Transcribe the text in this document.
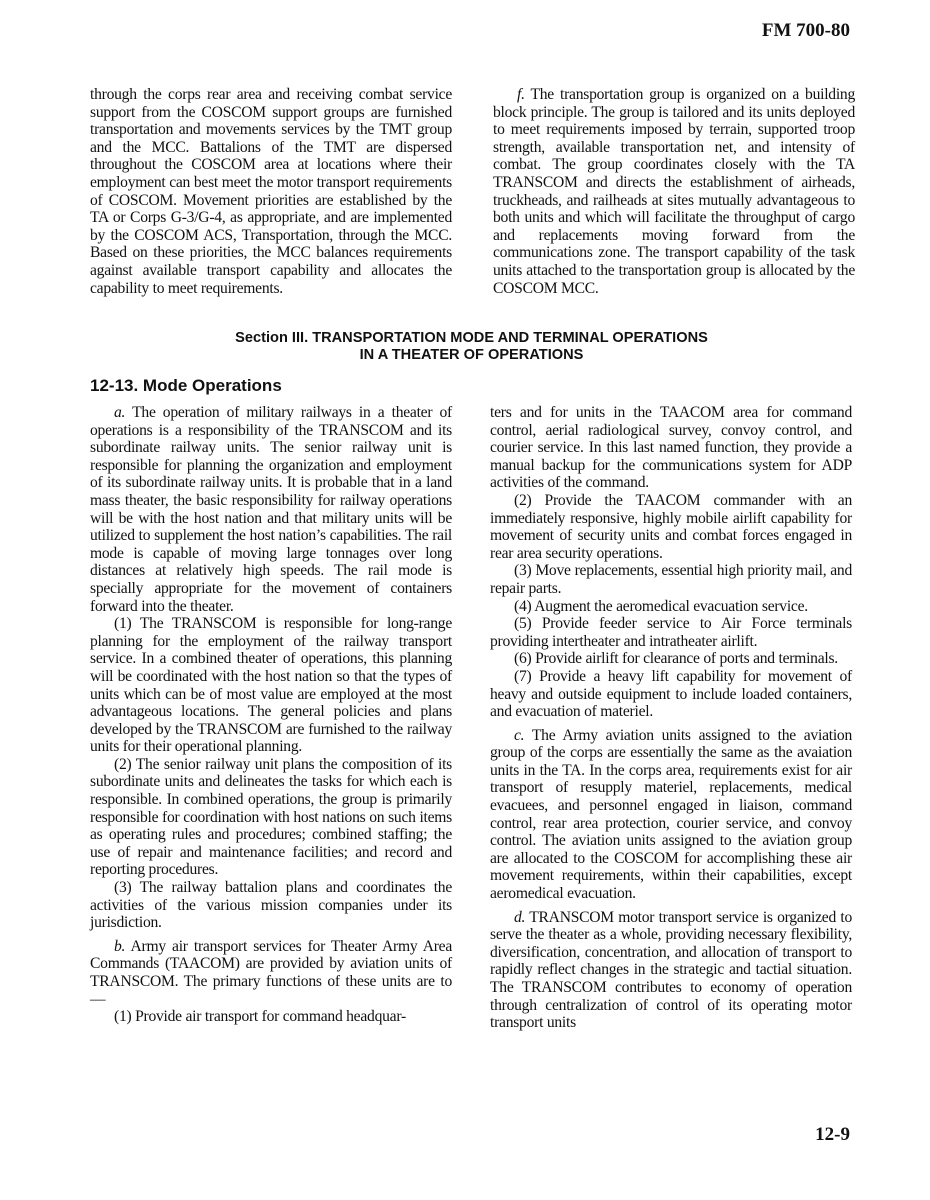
FM 700-80

through the corps rear area and receiving combat service support from the COSCOM support groups are furnished transportation and movements services by the TMT group and the MCC. Battalions of the TMT are dispersed throughout the COSCOM area at locations where their employment can best meet the motor transport requirements of COSCOM. Movement priorities are established by the TA or Corps G-3/G-4, as appropriate, and are implemented by the COSCOM ACS, Transportation, through the MCC. Based on these priorities, the MCC balances requirements against available transport capability and allocates the capability to meet requirements.

f. The transportation group is organized on a building block principle. The group is tailored and its units deployed to meet requirements imposed by terrain, supported troop strength, available transportation net, and intensity of combat. The group coordinates closely with the TA TRANSCOM and directs the establishment of airheads, truckheads, and railheads at sites mutually advantageous to both units and which will facilitate the throughput of cargo and replacements moving forward from the communications zone. The transport capability of the task units attached to the transportation group is allocated by the COSCOM MCC.

Section III. TRANSPORTATION MODE AND TERMINAL OPERATIONS
IN A THEATER OF OPERATIONS
12-13. Mode Operations

a. The operation of military railways in a theater of operations is a responsibility of the TRANSCOM and its subordinate railway units. The senior railway unit is responsible for planning the organization and employment of its subordinate railway units. It is probable that in a land mass theater, the basic responsibility for railway operations will be with the host nation and that military units will be utilized to supplement the host nation’s capabilities. The rail mode is capable of moving large tonnages over long distances at relatively high speeds. The rail mode is specially appropriate for the movement of containers forward into the theater.

(1) The TRANSCOM is responsible for long-range planning for the employment of the railway transport service. In a combined theater of operations, this planning will be coordinated with the host nation so that the types of units which can be of most value are employed at the most advantageous locations. The general policies and plans developed by the TRANSCOM are furnished to the railway units for their operational planning.

(2) The senior railway unit plans the composition of its subordinate units and delineates the tasks for which each is responsible. In combined operations, the group is primarily responsible for coordination with host nations on such items as operating rules and procedures; combined staffing; the use of repair and maintenance facilities; and record and reporting procedures.

(3) The railway battalion plans and coordinates the activities of the various mission companies under its jurisdiction.

b. Army air transport services for Theater Army Area Commands (TAACOM) are provided by aviation units of TRANSCOM. The primary functions of these units are to —

(1) Provide air transport for command headquar-

ters and for units in the TAACOM area for command control, aerial radiological survey, convoy control, and courier service. In this last named function, they provide a manual backup for the communications system for ADP activities of the command.

(2) Provide the TAACOM commander with an immediately responsive, highly mobile airlift capability for movement of security units and combat forces engaged in rear area security operations.

(3) Move replacements, essential high priority mail, and repair parts.

(4) Augment the aeromedical evacuation service.

(5) Provide feeder service to Air Force terminals providing intertheater and intratheater airlift.

(6) Provide airlift for clearance of ports and terminals.

(7) Provide a heavy lift capability for movement of heavy and outside equipment to include loaded containers, and evacuation of materiel.

c. The Army aviation units assigned to the aviation group of the corps are essentially the same as the avaiation units in the TA. In the corps area, requirements exist for air transport of resupply materiel, replacements, medical evacuees, and personnel engaged in liaison, command control, rear area protection, courier service, and convoy control. The aviation units assigned to the aviation group are allocated to the COSCOM for accomplishing these air movement requirements, within their capabilities, except aeromedical evacuation.

d. TRANSCOM motor transport service is organized to serve the theater as a whole, providing necessary flexibility, diversification, concentration, and allocation of transport to rapidly reflect changes in the strategic and tactial situation. The TRANSCOM contributes to economy of operation through centralization of control of its operating motor transport units

12-9
